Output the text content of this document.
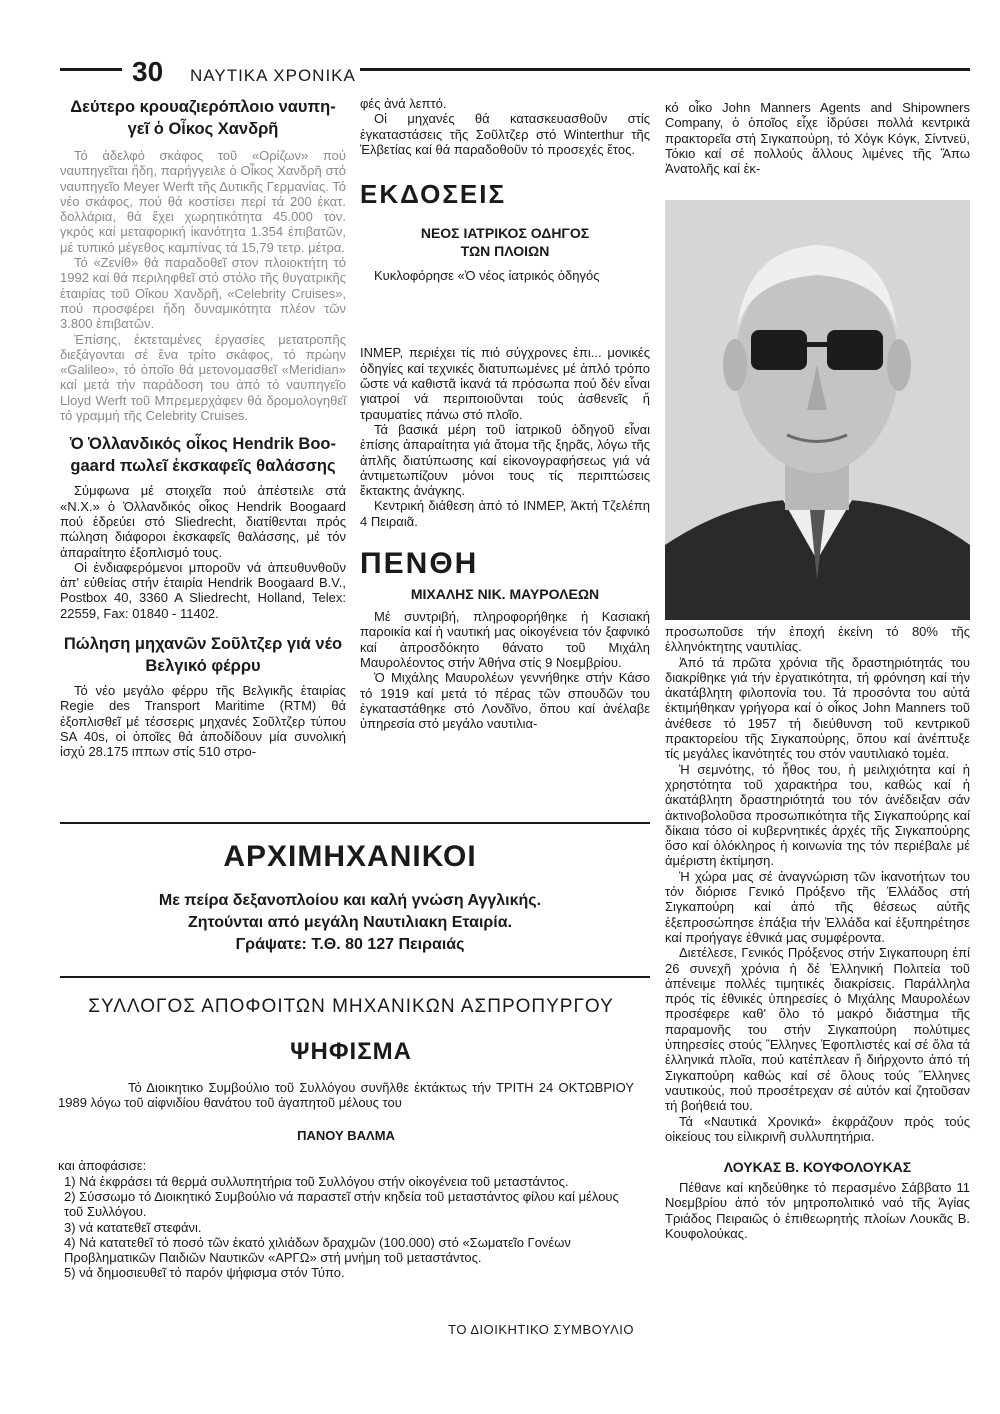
30 ΝΑΥΤΙΚΑ ΧΡΟΝΙΚΑ
Δεύτερο κρουαζιερόπλοιο ναυπη-
γεῖ ὁ Οἶκος Χανδρῆ

Τό ἀδελφό σκάφος τοῦ «Ορίζων» πού ναυπηγεῖται ἤδη, παρήγγειλε ὁ Οἶκος Χανδρῆ στό ναυπηγεῖο Meyer Werft τῆς Δυτικῆς Γερμανίας. Τό νέο σκάφος, πού θά κοστίσει περί τά 200 ἑκατ. δολλάρια, θά ἔχει χωρητικότητα 45.000 τον. γκρός καί μεταφορική ἱκανότητα 1.354 ἐπιβατῶν, μέ τυπικό μέγεθος καμπίνας τά 15,79 τετρ. μέτρα.

Τό «Ζενίθ» θά παραδοθεῖ στον πλοιοκτήτη τό 1992 καί θά περιληφθεῖ στό στόλο τῆς θυγατρικῆς ἑταιρίας τοῦ Οἴκου Χανδρῆ, «Celebrity Cruises», πού προσφέρει ἤδη δυναμικότητα πλέον τῶν 3.800 ἐπιβατῶν.

Ἐπίσης, ἐκτεταμένες ἐργασίες μετατροπῆς διεξάγονται σέ ἕνα τρίτο σκάφος, τό πρώην «Galileo», τό ὁποῖο θά μετονομασθεῖ «Meridian» καί μετά τήν παράδοση του ἀπό τό ναυπηγεῖο Lloyd Werft τοῦ Μπρεμερχάφεν θά δρομολογηθεῖ τό γραμμή τῆς Celebrity Cruises.

Ὁ Ὁλλανδικός οἶκος Hendrik Boo-
gaard πωλεῖ ἐκσκαφεῖς θαλάσσης

Σύμφωνα μέ στοιχεῖα πού ἀπέστειλε στά «Ν.Χ.» ὁ Ὁλλανδικός οἶκος Hendrik Boogaard πού ἑδρεύει στό Sliedrecht, διατίθενται πρός πώληση διάφοροι ἐκσκαφεῖς θαλάσσης, μέ τόν ἀπαραίτητο ἐξοπλισμό τους.

Οἱ ἐνδιαφερόμενοι μποροῦν νά ἀπευθυνθοῦν ἀπ' εὐθείας στήν ἑταιρία Hendrik Boogaard B.V., Postbox 40, 3360 A Sliedrecht, Holland, Telex: 22559, Fax: 01840 - 11402.

Πώληση μηχανῶν Σοῦλτζερ γιά νέο
Βελγικό φέρρυ

Τό νέο μεγάλο φέρρυ τῆς Βελγικῆς ἑταιρίας Regie des Transport Maritime (RTM) θά ἐξοπλισθεῖ μέ τέσσερις μηχανές Σοῦλτζερ τύπου SA 40s, οἱ ὁποῖες θά ἀποδίδουν μία συνολική ἰσχύ 28.175 ιππων στίς 510 στρο-

φές ἀνά λεπτό.

Οἱ μηχανές θά κατασκευασθοῦν στίς ἐγκαταστάσεις τῆς Σοῦλτζερ στό Winterthur τῆς Ἑλβετίας καί θά παραδοθοῦν τό προσεχές ἔτος.

ΕΚΔΟΣΕΙΣ
ΝΕΟΣ ΙΑΤΡΙΚΟΣ ΟΔΗΓΟΣ
ΤΩΝ ΠΛΟΙΩΝ

Κυκλοφόρησε «Ὁ νέος ἰατρικός ὁδηγός

INMEP, περιέχει τίς πιό σύγχρονες ἐπι... μονικές ὁδηγίες καί τεχνικές διατυπωμένες μέ ἁπλό τρόπο ὥστε νά καθιστᾶ ἱκανά τά πρόσωπα πού δέν εἶναι γιατροί νά περιποιοῦνται τούς ἀσθενεῖς ἤ τραυματίες πάνω στό πλοῖο.

Τά βασικά μέρη τοῦ ἰατρικοῦ ὁδηγοῦ εἶναι ἐπίσης ἀπαραίτητα γιά ἄτομα τῆς ξηρᾶς, λόγω τῆς ἁπλῆς διατύπωσης καί εἰκονογραφήσεως γιά νά ἀντιμετωπίζουν μόνοι τους τίς περιπτώσεις ἔκτακτης ἀνάγκης.

Κεντρική διάθεση ἀπό τό INMEP, Ἀκτή Τζελέπη 4 Πειραιᾶ.

ΠΕΝΘΗ
ΜΙΧΑΛΗΣ ΝΙΚ. ΜΑΥΡΟΛΕΩΝ

Μέ συντριβή, πληροφορήθηκε ἡ Κασιακή παροικία καί ἡ ναυτική μας οἰκογένεια τόν ξαφνικό καί ἀπροσδόκητο θάνατο τοῦ Μιχάλη Μαυρολέοντος στήν Ἀθήνα στίς 9 Νοεμβρίου.

Ὁ Μιχάλης Μαυρολέων γεννήθηκε στήν Κάσο τό 1919 καί μετά τό πέρας τῶν σπουδῶν του ἐγκαταστάθηκε στό Λονδῖνο, ὅπου καί ἀνέλαβε ὑπηρεσία στό μεγάλο ναυτιλια-

κό οἶκο John Manners Agents and Shipowners Company, ὁ ὁποῖος εἶχε ἱδρύσει πολλά κεντρικά πρακτορεῖα στή Σιγκαπούρη, τό Χόγκ Κόγκ, Σίντνεϋ, Τόκιο καί σέ πολλούς ἄλλους λιμένες τῆς Ἄπω Ἀνατολῆς καί ἐκ-

προσωποῦσε τήν ἐποχή ἐκείνη τό 80% τῆς ἑλληνόκτητης ναυτιλίας.

Ἀπό τά πρῶτα χρόνια τῆς δραστηριότητάς του διακρίθηκε γιά τήν ἐργατικότητα, τή φρόνηση καί τήν ἀκατάβλητη φιλοπονία του. Τά προσόντα του αὐτά ἐκτιμήθηκαν γρήγορα καί ὁ οἶκος John Manners τοῦ ἀνέθεσε τό 1957 τή διεύθυνση τοῦ κεντρικοῦ πρακτορείου τῆς Σιγκαπούρης, ὅπου καί ἀνέπτυξε τίς μεγάλες ἱκανότητές του στόν ναυτιλιακό τομέα.

Ἡ σεμνότης, τό ἦθος του, ἡ μειλιχιότητα καί ἡ χρηστότητα τοῦ χαρακτήρα του, καθώς καί ἡ ἀκατάβλητη δραστηριότητά του τόν ἀνέδειξαν σάν ἀκτινοβολοῦσα προσωπικότητα τῆς Σιγκαπούρης καί δίκαια τόσο οἱ κυβερνητικές ἀρχές τῆς Σιγκαπούρης ὅσο καί ὁλόκληρος ἡ κοινωνία της τόν περιέβαλε μέ ἀμέριστη ἐκτίμηση.

Ἡ χώρα μας σέ ἀναγνώριση τῶν ἱκανοτήτων του τόν διόρισε Γενικό Πρόξενο τῆς Ἑλλάδος στή Σιγκαπούρη καί ἀπό τῆς θέσεως αὐτῆς ἐξεπροσώπησε ἐπάξια τήν Ἑλλάδα καί ἐξυπηρέτησε καί προήγαγε ἐθνικά μας συμφέροντα.

Διετέλεσε, Γενικός Πρόξενος στήν Σιγκαπουρη ἐπί 26 συνεχῆ χρόνια ἡ δέ Ἑλληνική Πολιτεία τοῦ ἀπένειμε πολλές τιμητικές διακρίσεις. Παράλληλα πρός τίς ἐθνικές ὑπηρεσίες ὁ Μιχάλης Μαυρολέων προσέφερε καθ' ὅλο τό μακρό διάστημα τῆς παραμονῆς του στήν Σιγκαπούρη πολύτιμες ὑπηρεσίες στούς Ἕλληνες Ἐφοπλιστές καί σέ ὅλα τά ἑλληνικά πλοῖα, πού κατέπλεαν ἤ διήρχοντο ἀπό τή Σιγκαπούρη καθώς καί σέ ὅλους τούς Ἕλληνες ναυτικούς, πού προσέτρεχαν σέ αὐτόν καί ζητοῦσαν τή βοήθειά του.

Τά «Ναυτικά Χρονικά» ἐκφράζουν πρός τούς οἰκείους του εἰλικρινῆ συλλυπητήρια.

ΛΟΥΚΑΣ Β. ΚΟΥΦΟΛΟΥΚΑΣ

Πέθανε καί κηδεύθηκε τό περασμένο Σάββατο 11 Νοεμβρίου ἀπό τόν μητροπολιτικό ναό τῆς Ἁγίας Τριάδος Πειραιῶς ὁ ἐπιθεωρητής πλοίων Λουκᾶς Β. Κουφολούκας.

ΑΡΧΙΜΗΧΑΝΙΚΟΙ
Με πείρα δεξανοπλοίου και καλή γνώση Αγγλικής.
Ζητούνται από μεγάλη Ναυτιλιακη Εταιρία.
Γράψατε: Τ.Θ. 80 127 Πειραιάς
ΣΥΛΛΟΓΟΣ ΑΠΟΦΟΙΤΩΝ ΜΗΧΑΝΙΚΩΝ ΑΣΠΡΟΠΥΡΓΟΥ
ΨΗΦΙΣΜΑ

Τό Διοικητικο Συμβούλιο τοῦ Συλλόγου συνῆλθε ἐκτάκτως τήν ΤΡΙΤΗ 24 ΟΚΤΩΒΡΙΟΥ 1989 λόγω τοῦ αἰφνιδίου θανάτου τοῦ ἀγαπητοῦ μέλους του

ΠΑΝΟΥ ΒΑΛΜΑ
και ἀποφάσισε:

1) Νά ἐκφράσει τά θερμά συλλυπητήρια τοῦ Συλλόγου στήν οἰκογένεια τοῦ μεταστάντος.

2) Σύσσωμο τό Διοικητικό Συμβούλιο νά παραστεῖ στήν κηδεία τοῦ μεταστάντος φίλου καί μέλους τοῦ Συλλόγου.

3) νά κατατεθεῖ στεφάνι.

4) Νά κατατεθεῖ τό ποσό τῶν ἑκατό χιλιάδων δραχμῶν (100.000) στό «Σωματεῖο Γονέων Προβληματικῶν Παιδιῶν Ναυτικῶν «ΑΡΓΩ» στή μνήμη τοῦ μεταστάντος.

5) νά δημοσιευθεῖ τό παρόν ψήφισμα στόν Τύπο.

ΤΟ ΔΙΟΙΚΗΤΙΚΟ ΣΥΜΒΟΥΛΙΟ
